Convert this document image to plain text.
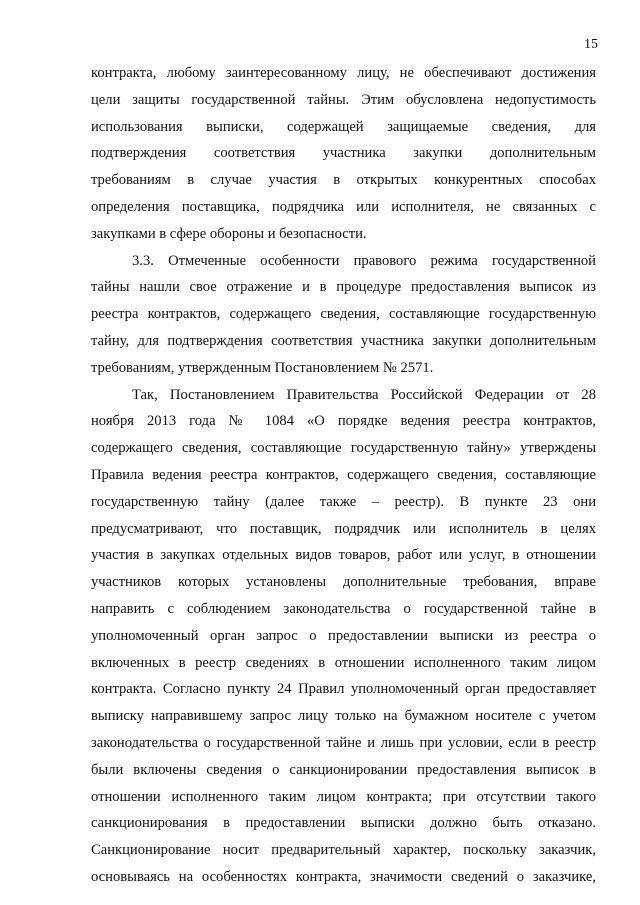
15
контракта, любому заинтересованному лицу, не обеспечивают достижения
цели защиты государственной тайны. Этим обусловлена недопустимость
использования выписки, содержащей защищаемые сведения, для
подтверждения соответствия участника закупки дополнительным
требованиям в случае участия в открытых конкурентных способах
определения поставщика, подрядчика или исполнителя, не связанных с
закупками в сфере обороны и безопасности.
3.3. Отмеченные особенности правового режима государственной
тайны нашли свое отражение и в процедуре предоставления выписок из
реестра контрактов, содержащего сведения, составляющие государственную
тайну, для подтверждения соответствия участника закупки дополнительным
требованиям, утвержденным Постановлением № 2571.
Так, Постановлением Правительства Российской Федерации от 28
ноября 2013 года № 1084 «О порядке ведения реестра контрактов,
содержащего сведения, составляющие государственную тайну» утверждены
Правила ведения реестра контрактов, содержащего сведения, составляющие
государственную тайну (далее также – реестр). В пункте 23 они
предусматривают, что поставщик, подрядчик или исполнитель в целях
участия в закупках отдельных видов товаров, работ или услуг, в отношении
участников которых установлены дополнительные требования, вправе
направить с соблюдением законодательства о государственной тайне в
уполномоченный орган запрос о предоставлении выписки из реестра о
включенных в реестр сведениях в отношении исполненного таким лицом
контракта. Согласно пункту 24 Правил уполномоченный орган предоставляет
выписку направившему запрос лицу только на бумажном носителе с учетом
законодательства о государственной тайне и лишь при условии, если в реестр
были включены сведения о санкционировании предоставления выписок в
отношении исполненного таким лицом контракта; при отсутствии такого
санкционирования в предоставлении выписки должно быть отказано.
Санкционирование носит предварительный характер, поскольку заказчик,
основываясь на особенностях контракта, значимости сведений о заказчике,
